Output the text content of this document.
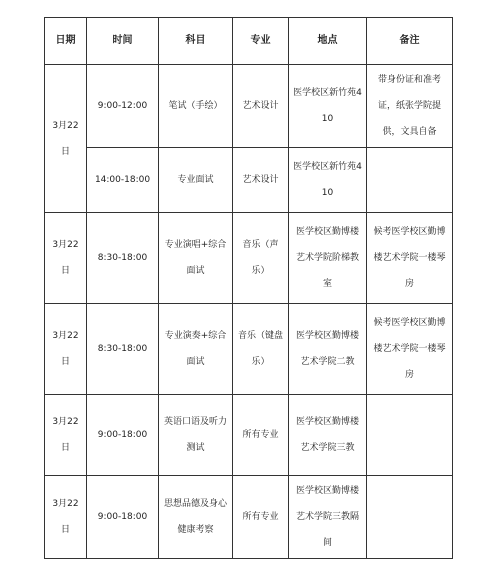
日期	时间	科目	专业	地点	备注
3月22日	9:00-12:00	笔试（手绘）	艺术设计	医学校区新竹苑410	带身份证和准考证，纸张学院提供，文具自备
	14:00-18:00	专业面试	艺术设计	医学校区新竹苑410	
3月22日	8:30-18:00	专业演唱+综合面试	音乐（声乐）	医学校区勤博楼艺术学院阶梯教室	候考医学校区勤博楼艺术学院一楼琴房
3月22日	8:30-18:00	专业演奏+综合面试	音乐（键盘乐）	医学校区勤博楼艺术学院二教	候考医学校区勤博楼艺术学院一楼琴房
3月22日	9:00-18:00	英语口语及听力测试	所有专业	医学校区勤博楼艺术学院三教	
3月22日	9:00-18:00	思想品德及身心健康考察	所有专业	医学校区勤博楼艺术学院三教隔间	
